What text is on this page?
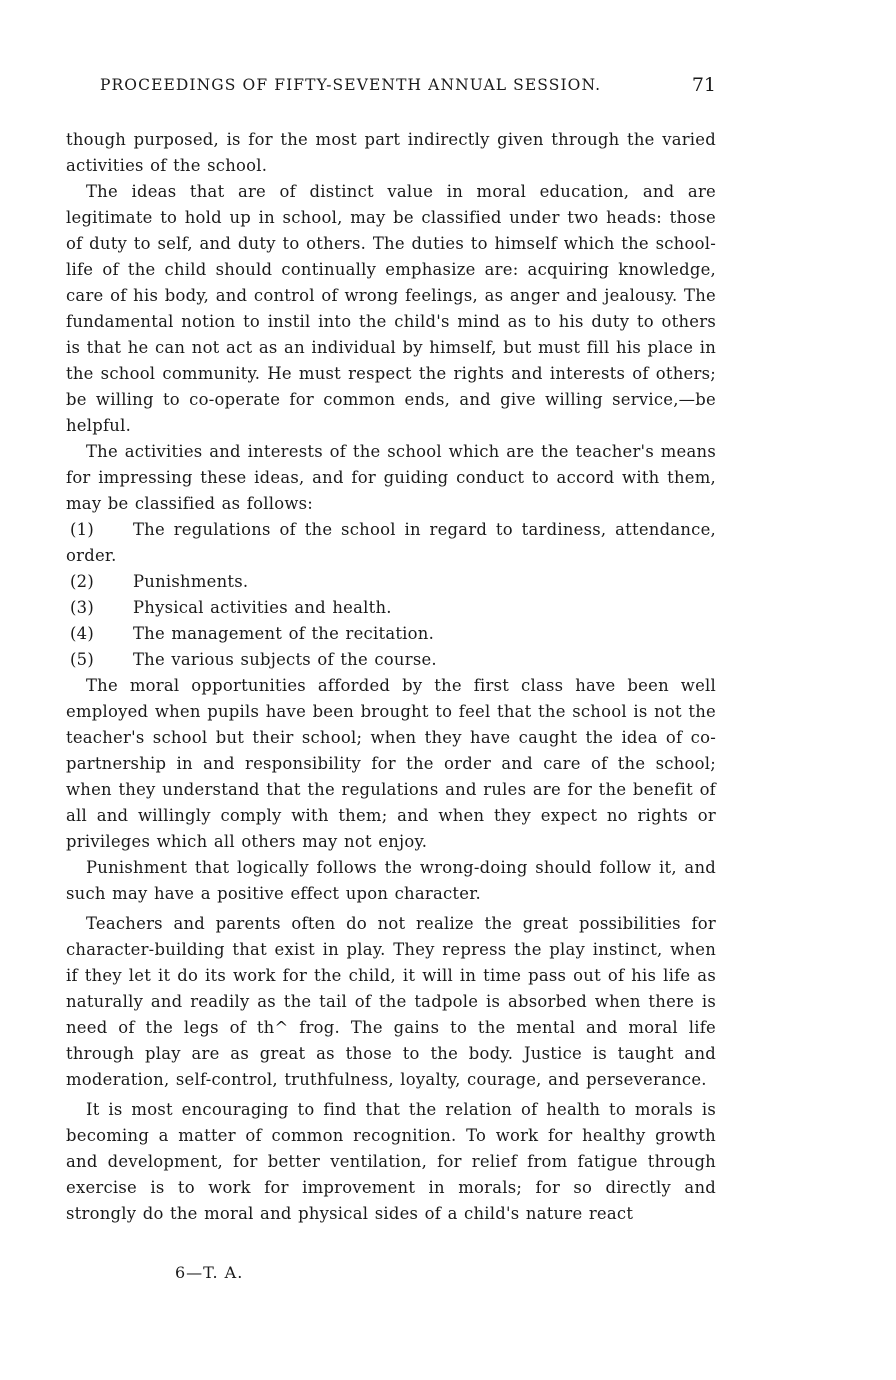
PROCEEDINGS OF FIFTY-SEVENTH ANNUAL SESSION.	71

though purposed, is for the most part indirectly given through the varied activities of the school.

The ideas that are of distinct value in moral education, and are legitimate to hold up in school, may be classified under two heads: those of duty to self, and duty to others. The duties to himself which the school-life of the child should continually emphasize are: acquiring knowledge, care of his body, and control of wrong feelings, as anger and jealousy. The fundamental notion to instil into the child's mind as to his duty to others is that he can not act as an individual by himself, but must fill his place in the school community. He must respect the rights and interests of others; be willing to co-operate for common ends, and give willing service,—be helpful.

The activities and interests of the school which are the teacher's means for impressing these ideas, and for guiding conduct to accord with them, may be classified as follows:

(1) The regulations of the school in regard to tardiness, attendance, order.

(2) Punishments.

(3) Physical activities and health.

(4) The management of the recitation.

(5) The various subjects of the course.

The moral opportunities afforded by the first class have been well employed when pupils have been brought to feel that the school is not the teacher's school but their school; when they have caught the idea of co-partnership in and responsibility for the order and care of the school; when they understand that the regulations and rules are for the benefit of all and willingly comply with them; and when they expect no rights or privileges which all others may not enjoy.

Punishment that logically follows the wrong-doing should follow it, and such may have a positive effect upon character.

Teachers and parents often do not realize the great possibilities for character-building that exist in play. They repress the play instinct, when if they let it do its work for the child, it will in time pass out of his life as naturally and readily as the tail of the tadpole is absorbed when there is need of the legs of th^ frog. The gains to the mental and moral life through play are as great as those to the body. Justice is taught and moderation, self-control, truthfulness, loyalty, courage, and perseverance.

It is most encouraging to find that the relation of health to morals is becoming a matter of common recognition. To work for healthy growth and development, for better ventilation, for relief from fatigue through exercise is to work for improvement in morals; for so directly and strongly do the moral and physical sides of a child's nature react

6—T. A.
